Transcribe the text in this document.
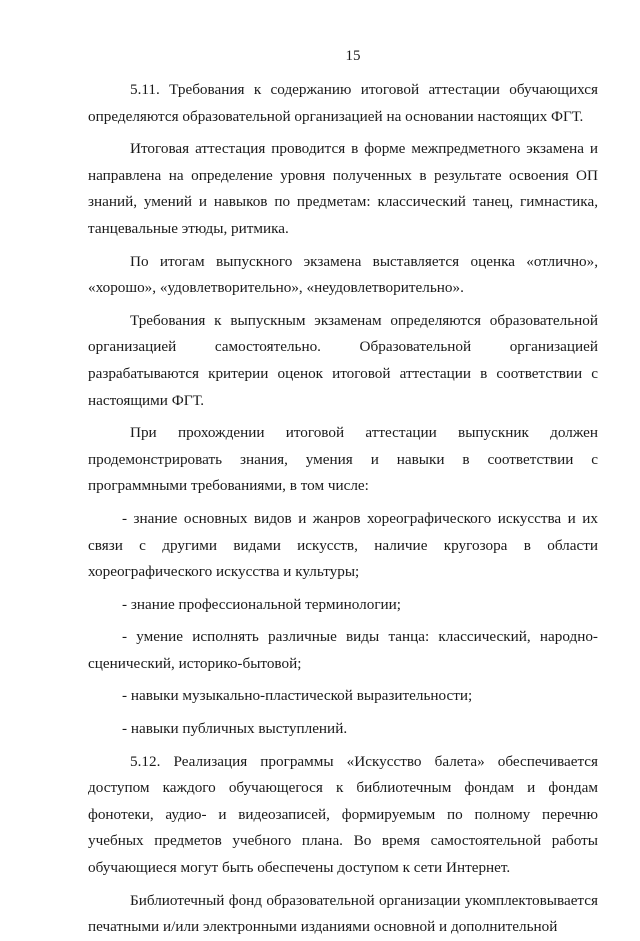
15

5.11. Требования к содержанию итоговой аттестации обучающихся определяются образовательной организацией на основании настоящих ФГТ.

Итоговая аттестация проводится в форме межпредметного экзамена и направлена на определение уровня полученных в результате освоения ОП знаний, умений и навыков по предметам: классический танец, гимнастика, танцевальные этюды, ритмика.

По итогам выпускного экзамена выставляется оценка «отлично», «хорошо», «удовлетворительно», «неудовлетворительно».

Требования к выпускным экзаменам определяются образовательной организацией самостоятельно. Образовательной организацией разрабатываются критерии оценок итоговой аттестации в соответствии с настоящими ФГТ.

При прохождении итоговой аттестации выпускник должен продемонстрировать знания, умения и навыки в соответствии с программными требованиями, в том числе:

- знание основных видов и жанров хореографического искусства и их связи с другими видами искусств, наличие кругозора в области хореографического искусства и культуры;

- знание профессиональной терминологии;

- умение исполнять различные виды танца: классический, народно-сценический, историко-бытовой;

- навыки музыкально-пластической выразительности;

- навыки публичных выступлений.

5.12. Реализация программы «Искусство балета» обеспечивается доступом каждого обучающегося к библиотечным фондам и фондам фонотеки, аудио- и видеозаписей, формируемым по полному перечню учебных предметов учебного плана. Во время самостоятельной работы обучающиеся могут быть обеспечены доступом к сети Интернет.

Библиотечный фонд образовательной организации укомплектовывается печатными и/или электронными изданиями основной и дополнительной
